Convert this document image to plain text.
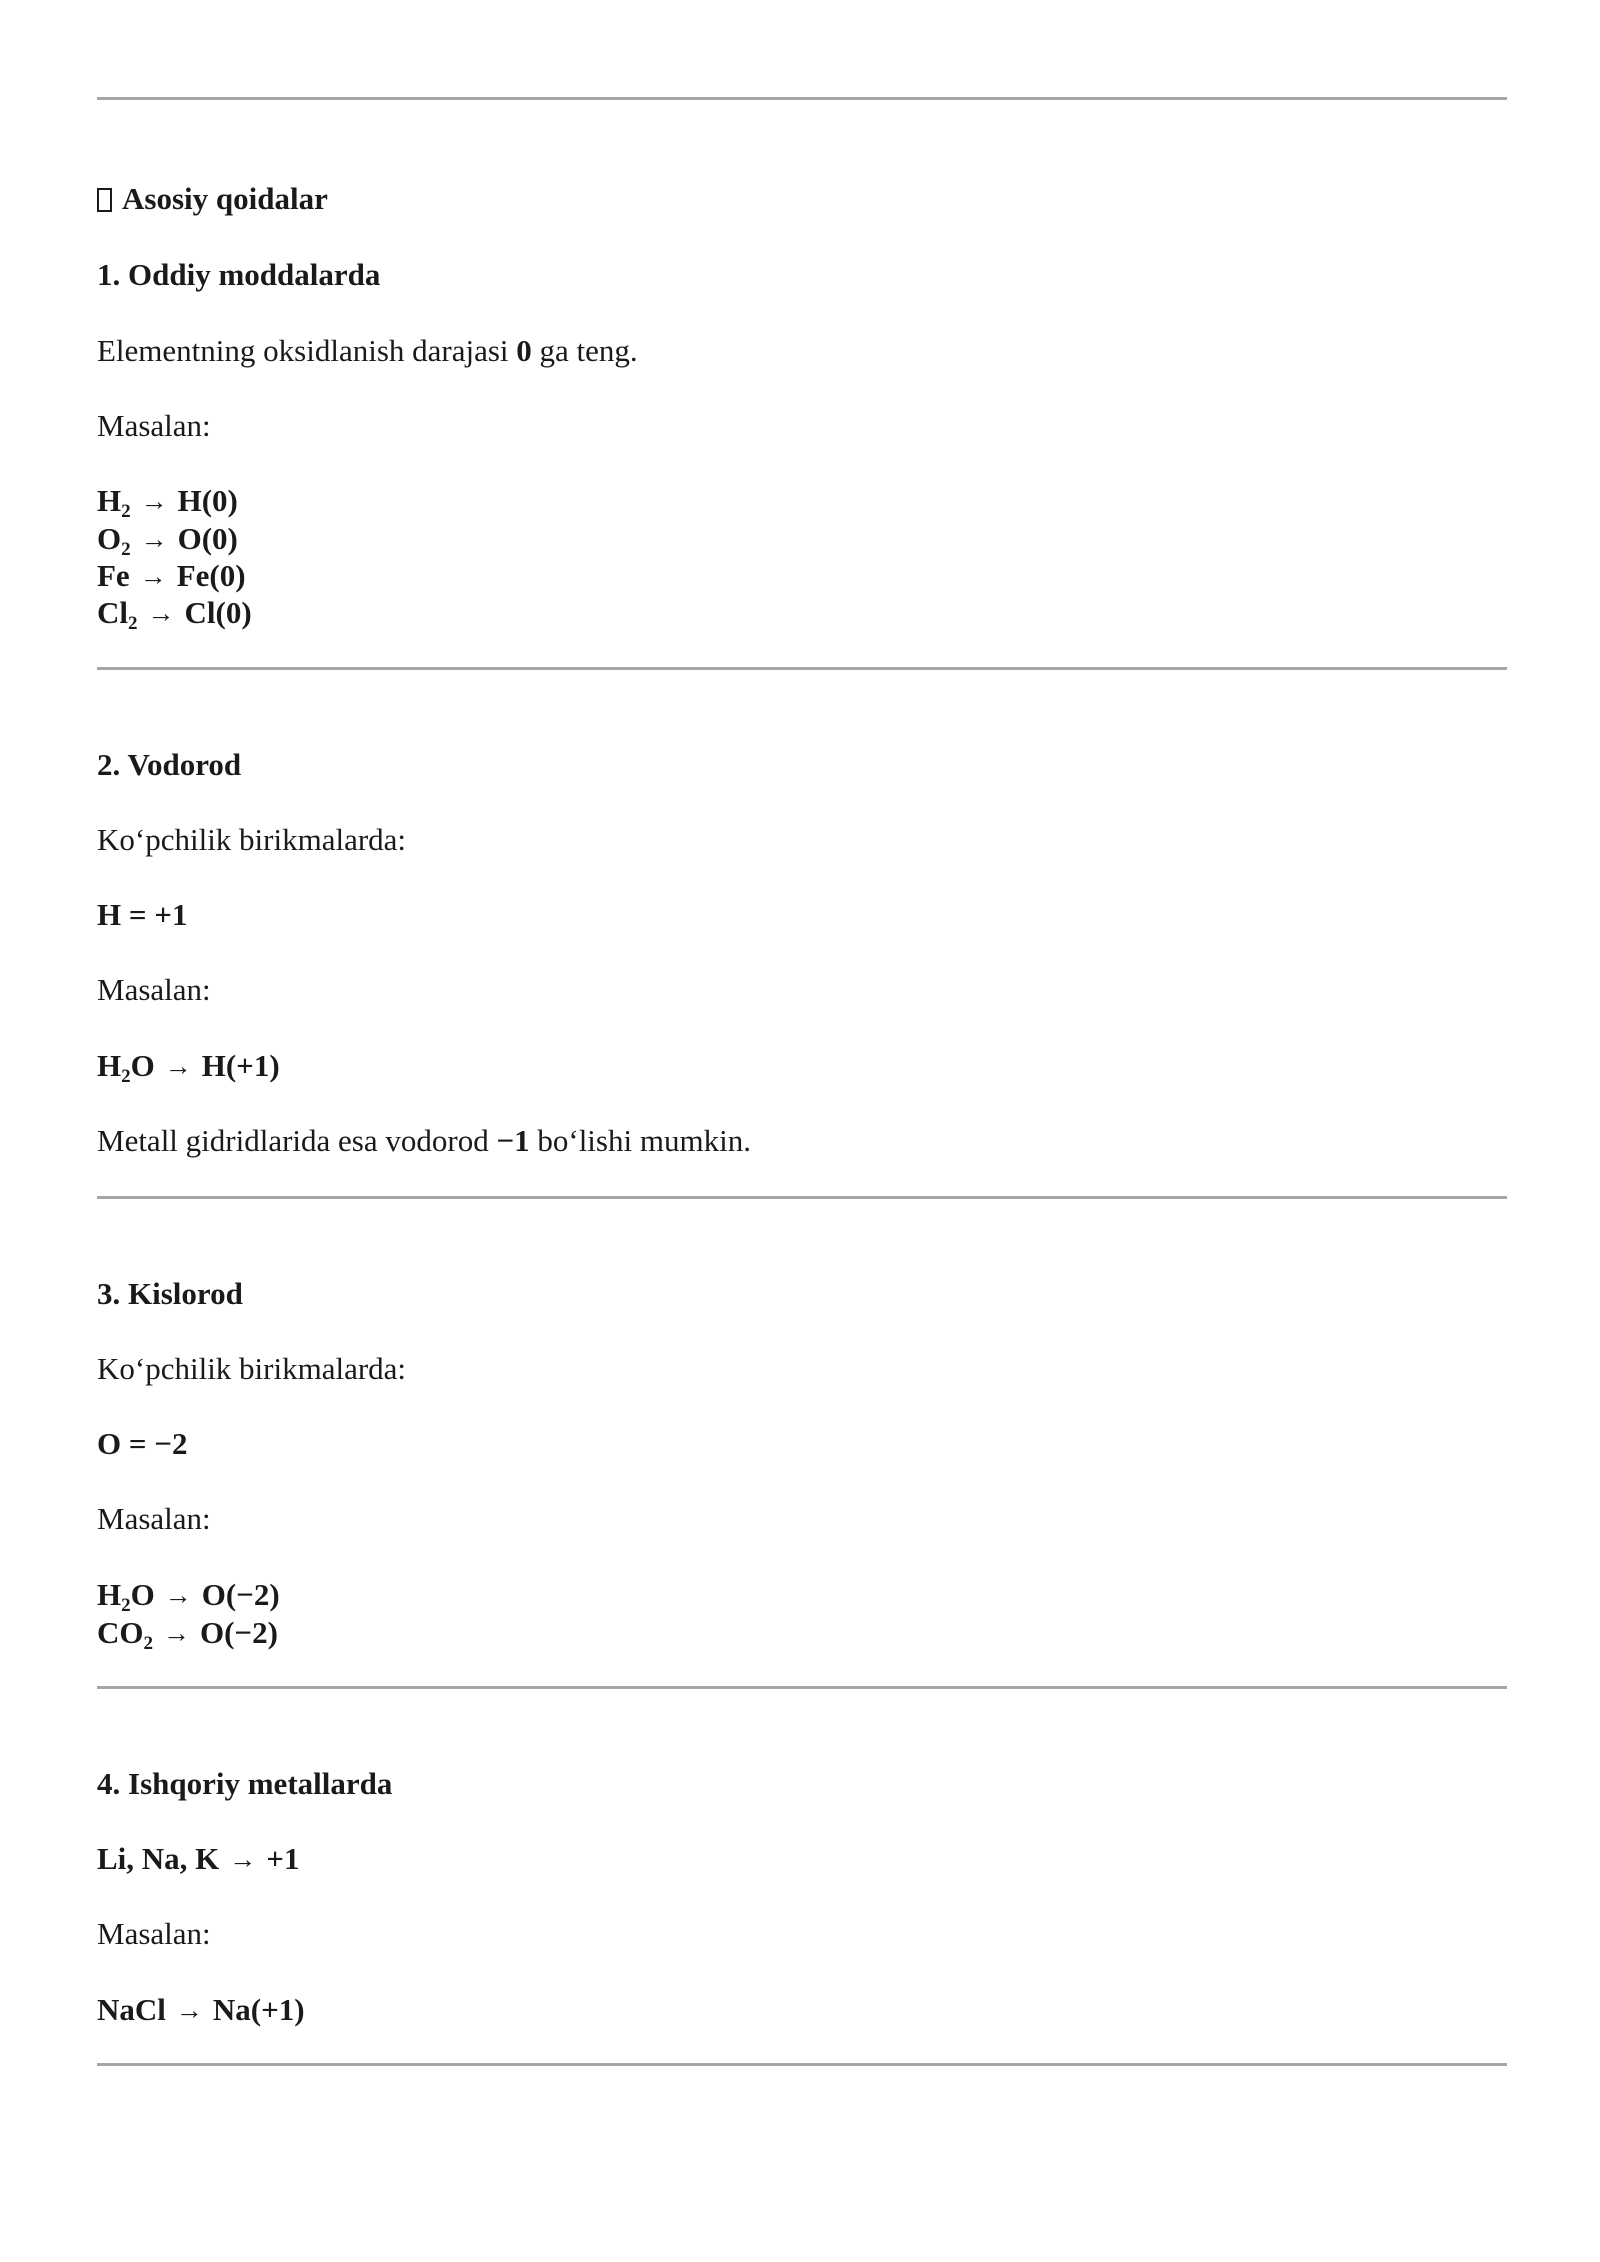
Asosiy qoidalar
1. Oddiy moddalarda
Elementning oksidlanish darajasi 0 ga teng.
Masalan:
$H_2 \to H(0)$
$O_2 \to O(0)$
Fe → Fe(0)
$Cl_2 \to Cl(0)$
2. Vodorod
Koʻpchilik birikmalarda:
H = +1
Masalan:
$H_2O \to H(+1)$
Metall gidridlarida esa vodorod −1 boʻlishi mumkin.
3. Kislorod
Koʻpchilik birikmalarda:
O = −2
Masalan:
$H_2O \to O(-2)$
$CO_2 \to O(-2)$
4. Ishqoriy metallarda
Li, Na, K → +1
Masalan:
NaCl → Na(+1)
